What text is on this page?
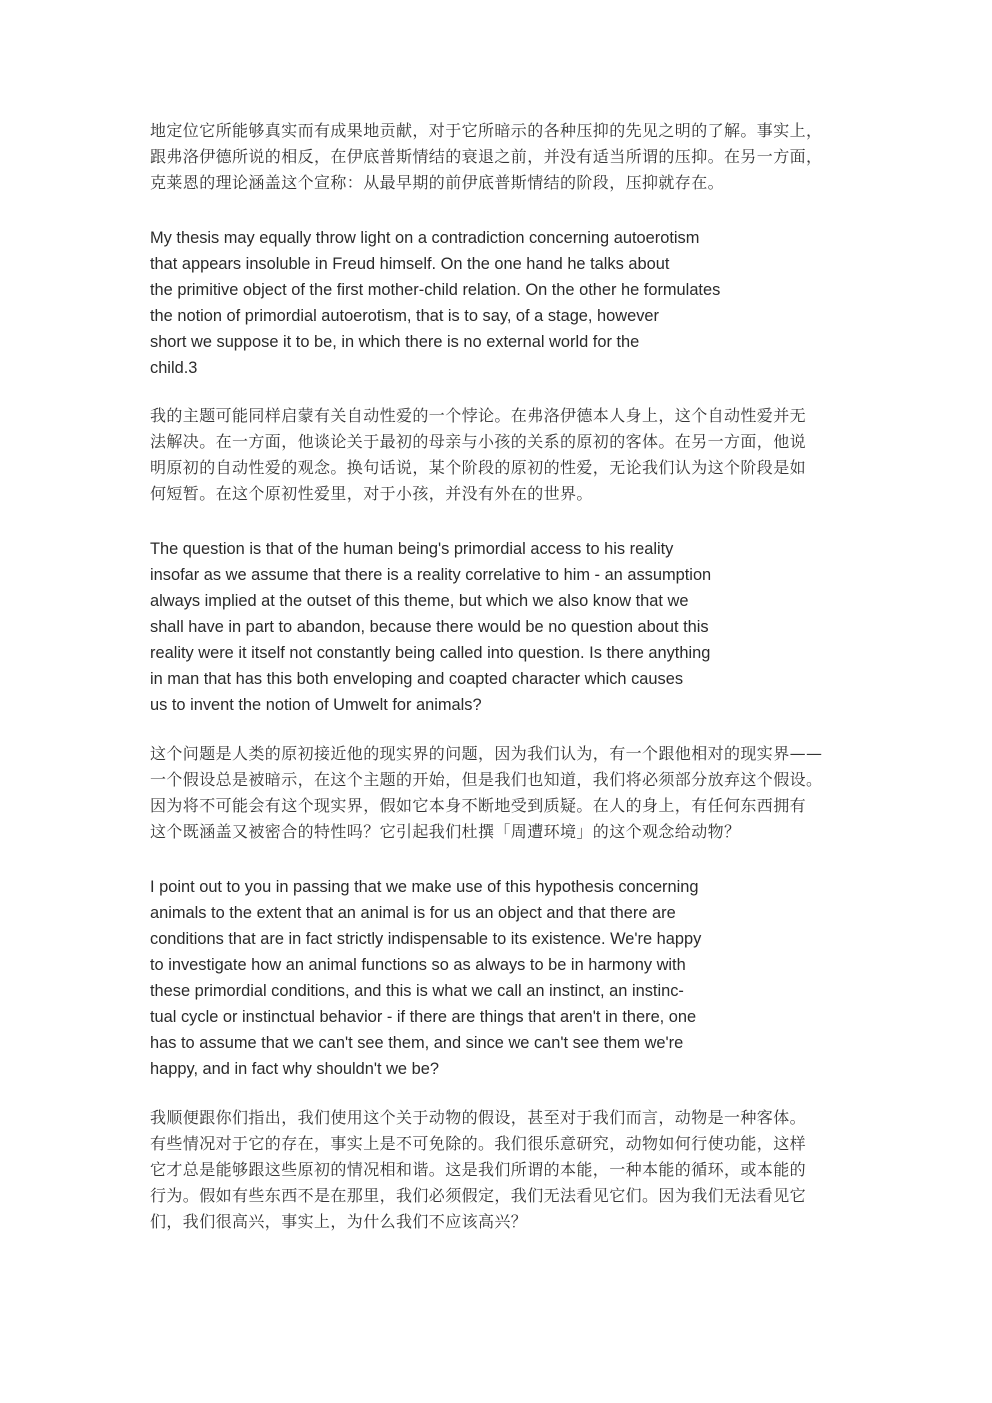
地定位它所能够真实而有成果地贡献，对于它所暗示的各种压抑的先见之明的了解。事实上，
跟弗洛伊德所说的相反，在伊底普斯情结的衰退之前，并没有适当所谓的压抑。在另一方面，
克莱恩的理论涵盖这个宣称：从最早期的前伊底普斯情结的阶段，压抑就存在。
My thesis may equally throw light on a contradiction concerning autoerotism
that appears insoluble in Freud himself. On the one hand he talks about
the primitive object of the first mother-child relation. On the other he formulates
the notion of primordial autoerotism, that is to say, of a stage, however
short we suppose it to be, in which there is no external world for the
child.3
我的主题可能同样启蒙有关自动性爱的一个悖论。在弗洛伊德本人身上，这个自动性爱并无
法解决。在一方面，他谈论关于最初的母亲与小孩的关系的原初的客体。在另一方面，他说
明原初的自动性爱的观念。换句话说，某个阶段的原初的性爱，无论我们认为这个阶段是如
何短暂。在这个原初性爱里，对于小孩，并没有外在的世界。
The question is that of the human being's primordial access to his reality
insofar as we assume that there is a reality correlative to him - an assumption
always implied at the outset of this theme, but which we also know that we
shall have in part to abandon, because there would be no question about this
reality were it itself not constantly being called into question. Is there anything
in man that has this both enveloping and coapted character which causes
us to invent the notion of Umwelt for animals?
这个问题是人类的原初接近他的现实界的问题，因为我们认为，有一个跟他相对的现实界——
一个假设总是被暗示，在这个主题的开始，但是我们也知道，我们将必须部分放弃这个假设。
因为将不可能会有这个现实界，假如它本身不断地受到质疑。在人的身上，有任何东西拥有
这个既涵盖又被密合的特性吗？它引起我们杜撰「周遭环境」的这个观念给动物？
I point out to you in passing that we make use of this hypothesis concerning
animals to the extent that an animal is for us an object and that there are
conditions that are in fact strictly indispensable to its existence. We're happy
to investigate how an animal functions so as always to be in harmony with
these primordial conditions, and this is what we call an instinct, an instinc-
tual cycle or instinctual behavior - if there are things that aren't in there, one
has to assume that we can't see them, and since we can't see them we're
happy, and in fact why shouldn't we be?
我顺便跟你们指出，我们使用这个关于动物的假设，甚至对于我们而言，动物是一种客体。
有些情况对于它的存在，事实上是不可免除的。我们很乐意研究，动物如何行使功能，这样
它才总是能够跟这些原初的情况相和谐。这是我们所谓的本能，一种本能的循环，或本能的
行为。假如有些东西不是在那里，我们必须假定，我们无法看见它们。因为我们无法看见它
们，我们很高兴，事实上，为什么我们不应该高兴？
